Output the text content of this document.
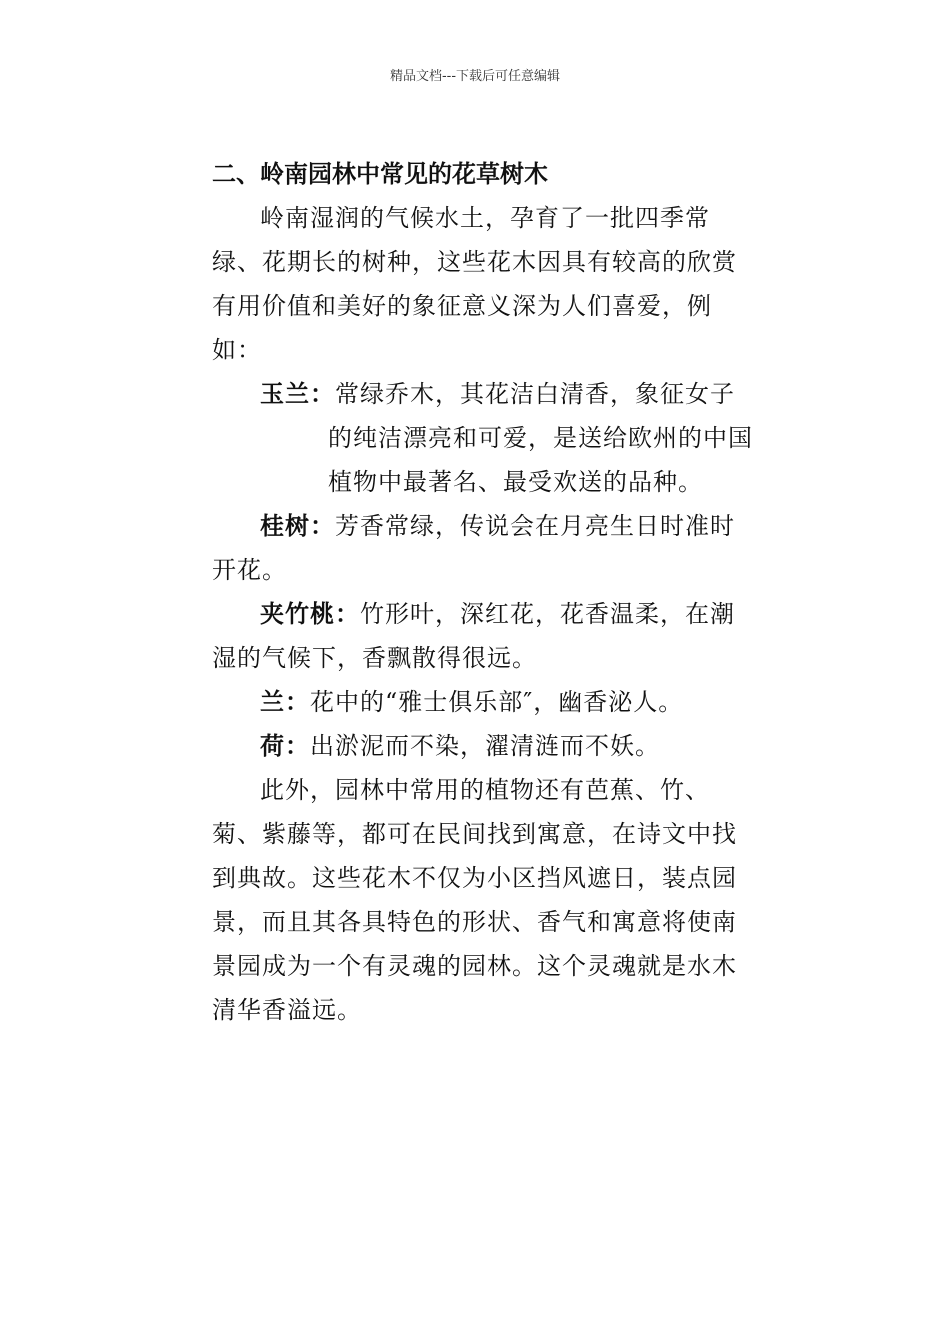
精品文档---下载后可任意编辑

二、岭南园林中常见的花草树木

岭南湿润的气候水土，孕育了一批四季常绿、花期长的树种，这些花木因具有较高的欣赏有用价值和美好的象征意义深为人们喜爱，例如：

玉兰：常绿乔木，其花洁白清香，象征女子的纯洁漂亮和可爱，是送给欧州的中国植物中最著名、最受欢送的品种。

桂树：芳香常绿，传说会在月亮生日时准时开花。

夹竹桃：竹形叶，深红花，花香温柔，在潮湿的气候下，香飘散得很远。

兰：花中的“雅士俱乐部″，幽香泌人。

荷：出淤泥而不染，濯清涟而不妖。

此外，园林中常用的植物还有芭蕉、竹、菊、紫藤等，都可在民间找到寓意，在诗文中找到典故。这些花木不仅为小区挡风遮日，装点园景，而且其各具特色的形状、香气和寓意将使南景园成为一个有灵魂的园林。这个灵魂就是水木清华香溢远。
